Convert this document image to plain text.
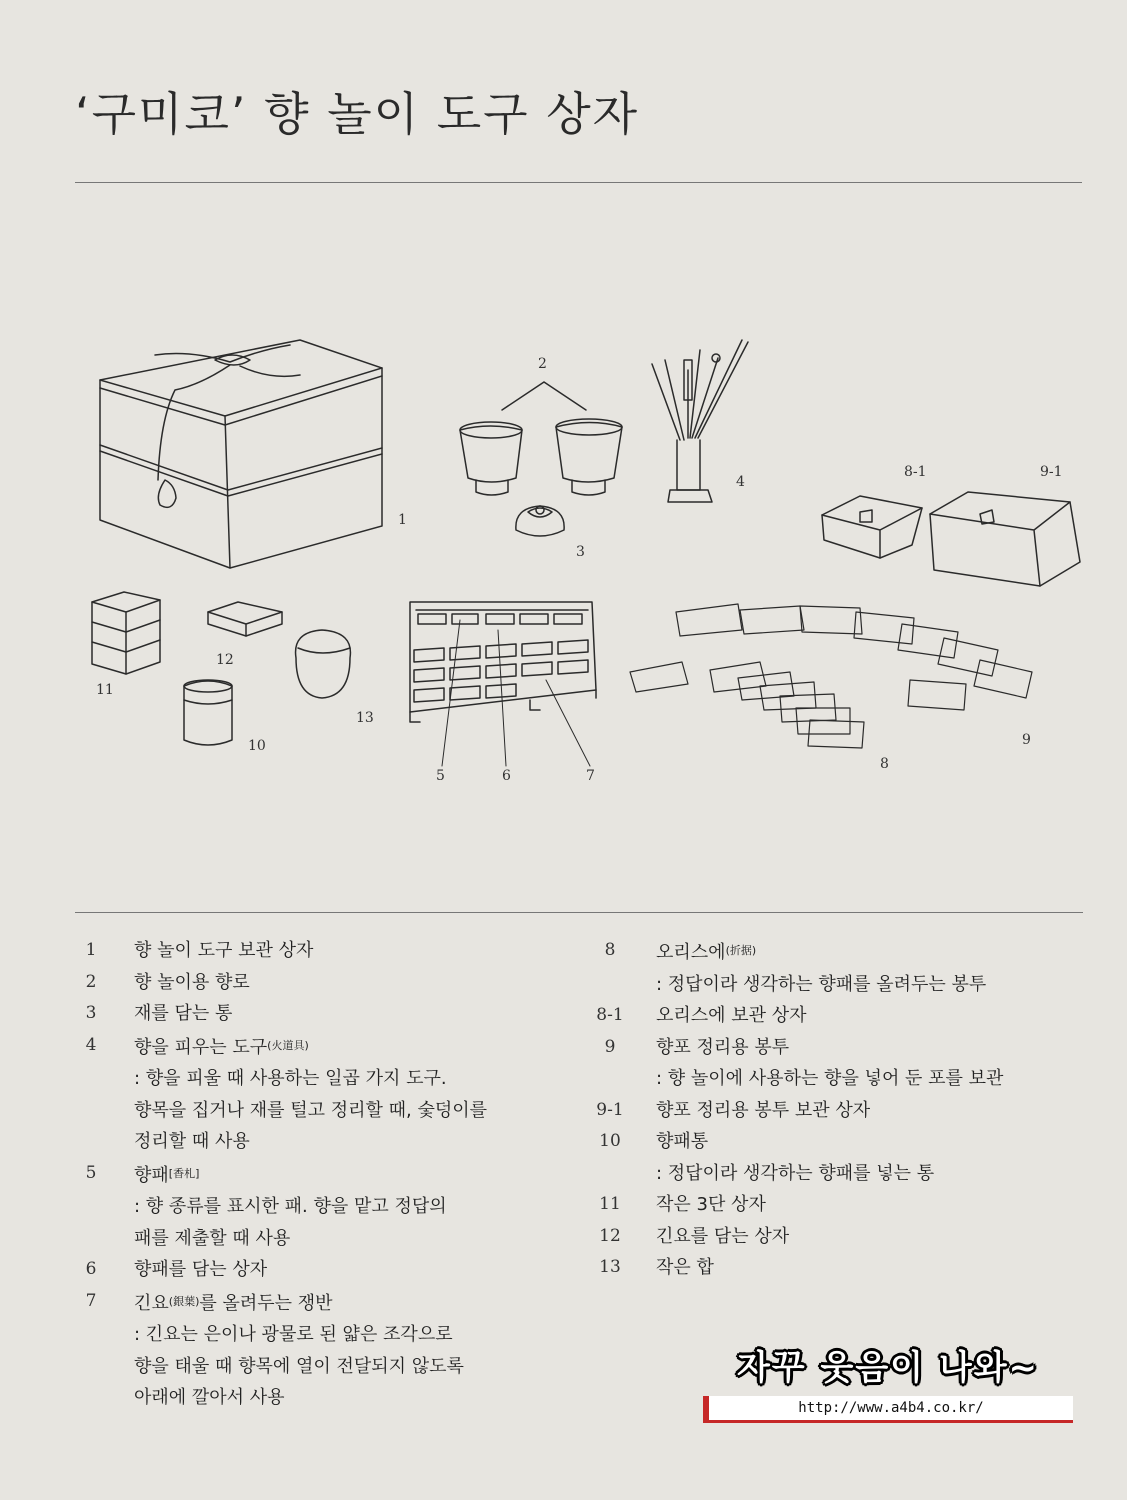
‘구미코’ 향 놀이 도구 상자
1
2
3
4
8-1	9-1
11
12
13
10
5	6	7
8
9
1	향 놀이 도구 보관 상자
2	향 놀이용 향로
3	재를 담는 통
4	향을 피우는 도구$^{(火道具)}$
: 향을 피울 때 사용하는 일곱 가지 도구.
향목을 집거나 재를 털고 정리할 때, 숯덩이를
정리할 때 사용
5	향패[香札]
: 향 종류를 표시한 패. 향을 맡고 정답의
패를 제출할 때 사용
6	향패를 담는 상자
7	긴요$^{(銀葉)}$를 올려두는 쟁반
: 긴요는 은이나 광물로 된 얇은 조각으로
향을 태울 때 향목에 열이 전달되지 않도록
아래에 깔아서 사용
8	오리스에$^{(折据)}$
: 정답이라 생각하는 향패를 올려두는 봉투
8-1	오리스에 보관 상자
9	향포 정리용 봉투
: 향 놀이에 사용하는 향을 넣어 둔 포를 보관
9-1	향포 정리용 봉투 보관 상자
10	향패통
: 정답이라 생각하는 향패를 넣는 통
11	작은 3단 상자
12	긴요를 담는 상자
13	작은 합
자꾸 웃음이 나와~
http://www.a4b4.co.kr/
